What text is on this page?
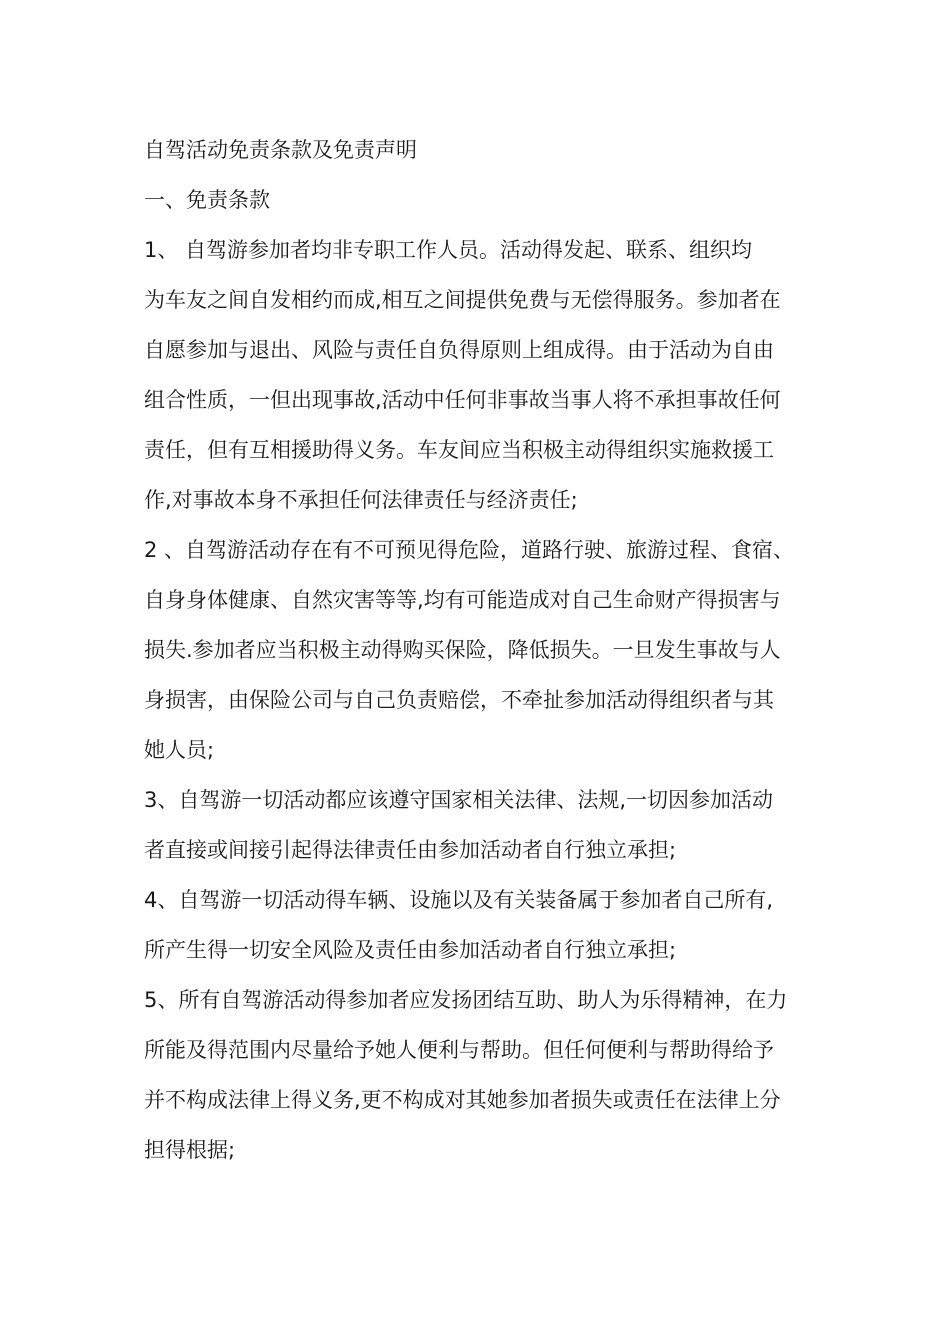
自驾活动免责条款及免责声明

一、免责条款

1、 自驾游参加者均非专职工作人员。活动得发起、联系、组织均

为车友之间自发相约而成,相互之间提供免费与无偿得服务。参加者在

自愿参加与退出、风险与责任自负得原则上组成得。由于活动为自由

组合性质，一但出现事故,活动中任何非事故当事人将不承担事故任何

责任，但有互相援助得义务。车友间应当积极主动得组织实施救援工

作,对事故本身不承担任何法律责任与经济责任;

2 、自驾游活动存在有不可预见得危险，道路行驶、旅游过程、食宿、

自身身体健康、自然灾害等等,均有可能造成对自己生命财产得损害与

损失.参加者应当积极主动得购买保险，降低损失。一旦发生事故与人

身损害，由保险公司与自己负责赔偿，不牵扯参加活动得组织者与其

她人员;

3、自驾游一切活动都应该遵守国家相关法律、法规,一切因参加活动

者直接或间接引起得法律责任由参加活动者自行独立承担;

4、自驾游一切活动得车辆、设施以及有关装备属于参加者自己所有,

所产生得一切安全风险及责任由参加活动者自行独立承担;

5、所有自驾游活动得参加者应发扬团结互助、助人为乐得精神，在力

所能及得范围内尽量给予她人便利与帮助。但任何便利与帮助得给予

并不构成法律上得义务,更不构成对其她参加者损失或责任在法律上分

担得根据;
